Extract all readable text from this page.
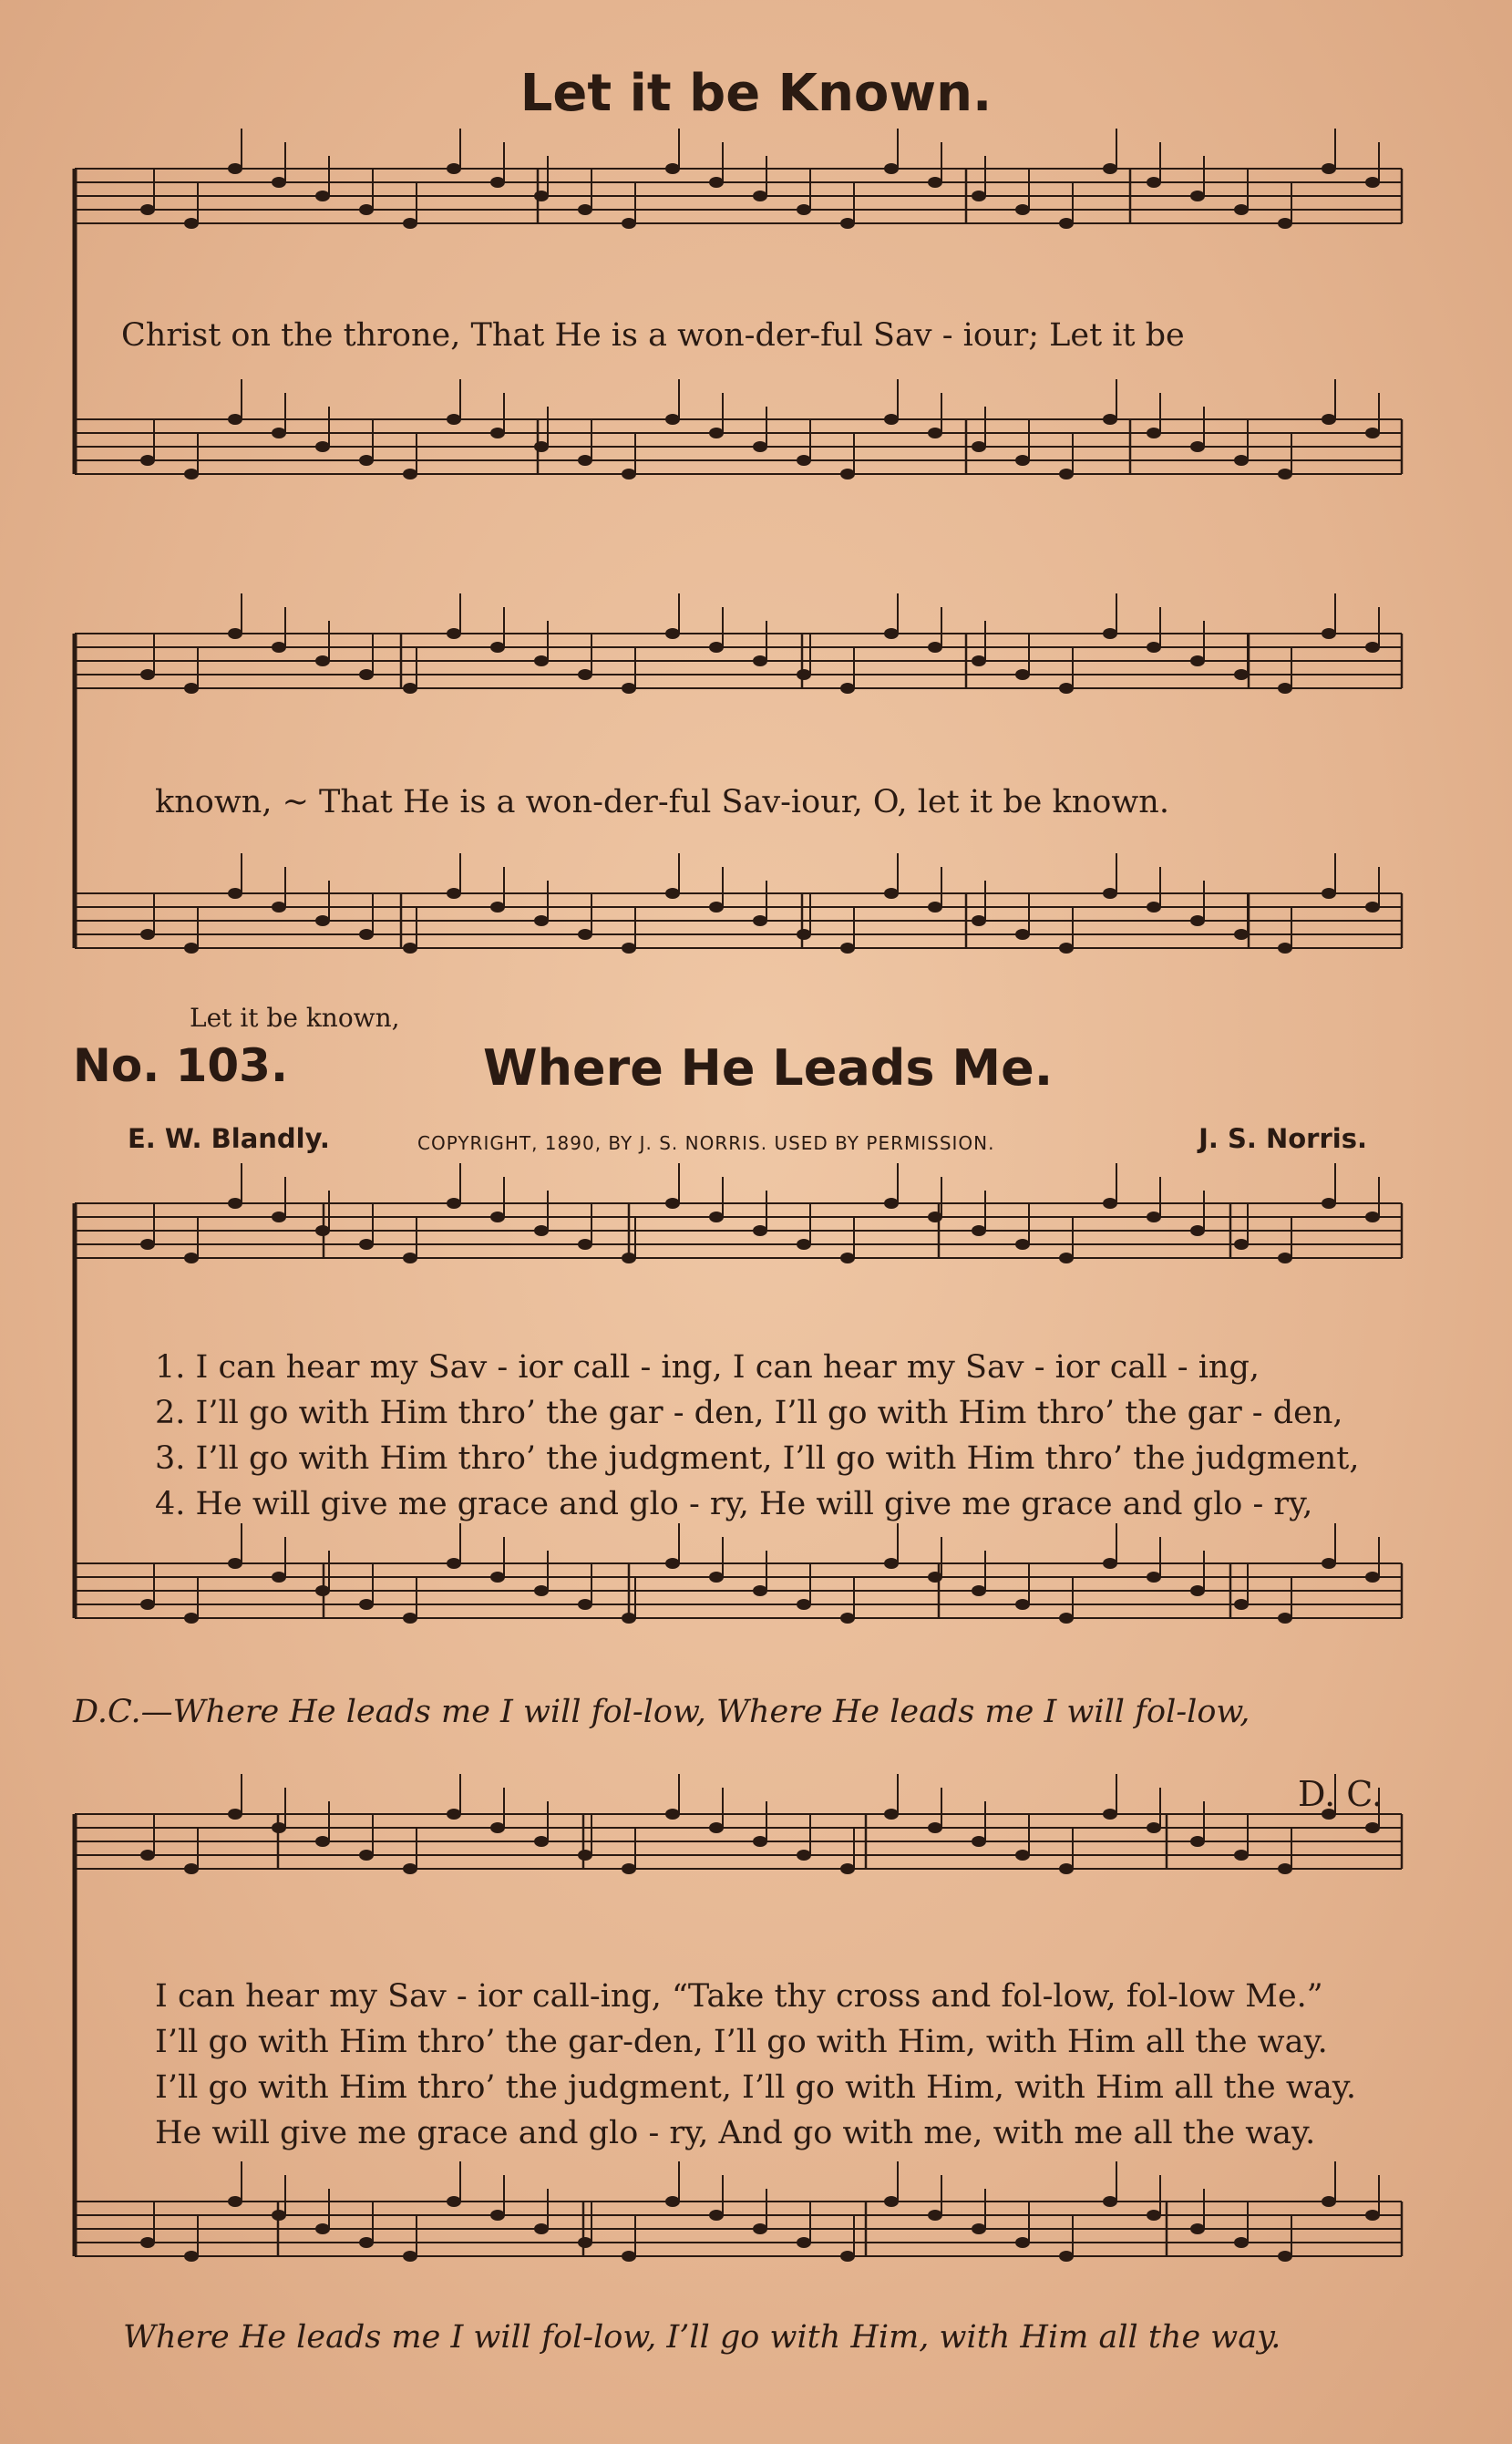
Let it be Known.
Christ on the throne, That He is a won-der-ful Sav - iour; Let it be
known, ~ That He is a won-der-ful Sav-iour, O, let it be known.
Let it be known,
No. 103.	Where He Leads Me.
E. W. Blandly.	COPYRIGHT, 1890, BY J. S. NORRIS. USED BY PERMISSION.	J. S. Norris.
1. I can hear my Sav - ior call - ing, I can hear my Sav - ior call - ing,
2. I’ll go with Him thro’ the gar - den, I’ll go with Him thro’ the gar - den,
3. I’ll go with Him thro’ the judgment, I’ll go with Him thro’ the judgment,
4. He will give me grace and glo - ry, He will give me grace and glo - ry,
D.C.—Where He leads me I will fol-low, Where He leads me I will fol-low,
D. C.
I can hear my Sav - ior call-ing, “Take thy cross and fol-low, fol-low Me.”
I’ll go with Him thro’ the gar-den, I’ll go with Him, with Him all the way.
I’ll go with Him thro’ the judgment, I’ll go with Him, with Him all the way.
He will give me grace and glo - ry, And go with me, with me all the way.
Where He leads me I will fol-low, I’ll go with Him, with Him all the way.
